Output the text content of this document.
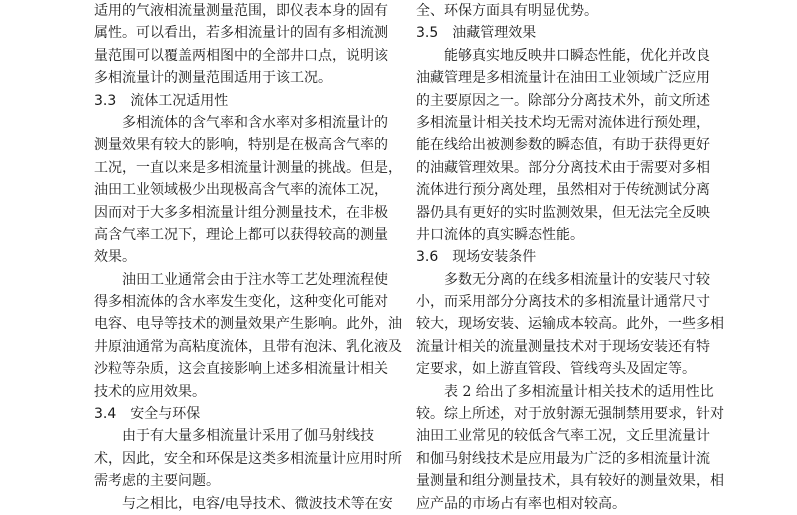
适用的气液相流量测量范围，即仪表本身的固有
属性。可以看出，若多相流量计的固有多相流测
量范围可以覆盖两相图中的全部井口点，说明该
多相流量计的测量范围适用于该工况。
3.3 流体工况适用性
多相流体的含气率和含水率对多相流量计的
测量效果有较大的影响，特别是在极高含气率的
工况，一直以来是多相流量计测量的挑战。但是，
油田工业领域极少出现极高含气率的流体工况，
因而对于大多多相流量计组分测量技术，在非极
高含气率工况下，理论上都可以获得较高的测量
效果。
油田工业通常会由于注水等工艺处理流程使
得多相流体的含水率发生变化，这种变化可能对
电容、电导等技术的测量效果产生影响。此外，油
井原油通常为高粘度流体，且带有泡沫、乳化液及
沙粒等杂质，这会直接影响上述多相流量计相关
技术的应用效果。
3.4 安全与环保
由于有大量多相流量计采用了伽马射线技
术，因此，安全和环保是这类多相流量计应用时所
需考虑的主要问题。
与之相比，电容/电导技术、微波技术等在安
全、环保方面具有明显优势。
3.5 油藏管理效果
能够真实地反映井口瞬态性能，优化并改良
油藏管理是多相流量计在油田工业领域广泛应用
的主要原因之一。除部分分离技术外，前文所述
多相流量计相关技术均无需对流体进行预处理，
能在线给出被测参数的瞬态值，有助于获得更好
的油藏管理效果。部分分离技术由于需要对多相
流体进行预分离处理，虽然相对于传统测试分离
器仍具有更好的实时监测效果，但无法完全反映
井口流体的真实瞬态性能。
3.6 现场安装条件
多数无分离的在线多相流量计的安装尺寸较
小，而采用部分分离技术的多相流量计通常尺寸
较大，现场安装、运输成本较高。此外，一些多相
流量计相关的流量测量技术对于现场安装还有特
定要求，如上游直管段、管线弯头及固定等。
表 2 给出了多相流量计相关技术的适用性比
较。综上所述，对于放射源无强制禁用要求，针对
油田工业常见的较低含气率工况，文丘里流量计
和伽马射线技术是应用最为广泛的多相流量计流
量测量和组分测量技术，具有较好的测量效果，相
应产品的市场占有率也相对较高。
